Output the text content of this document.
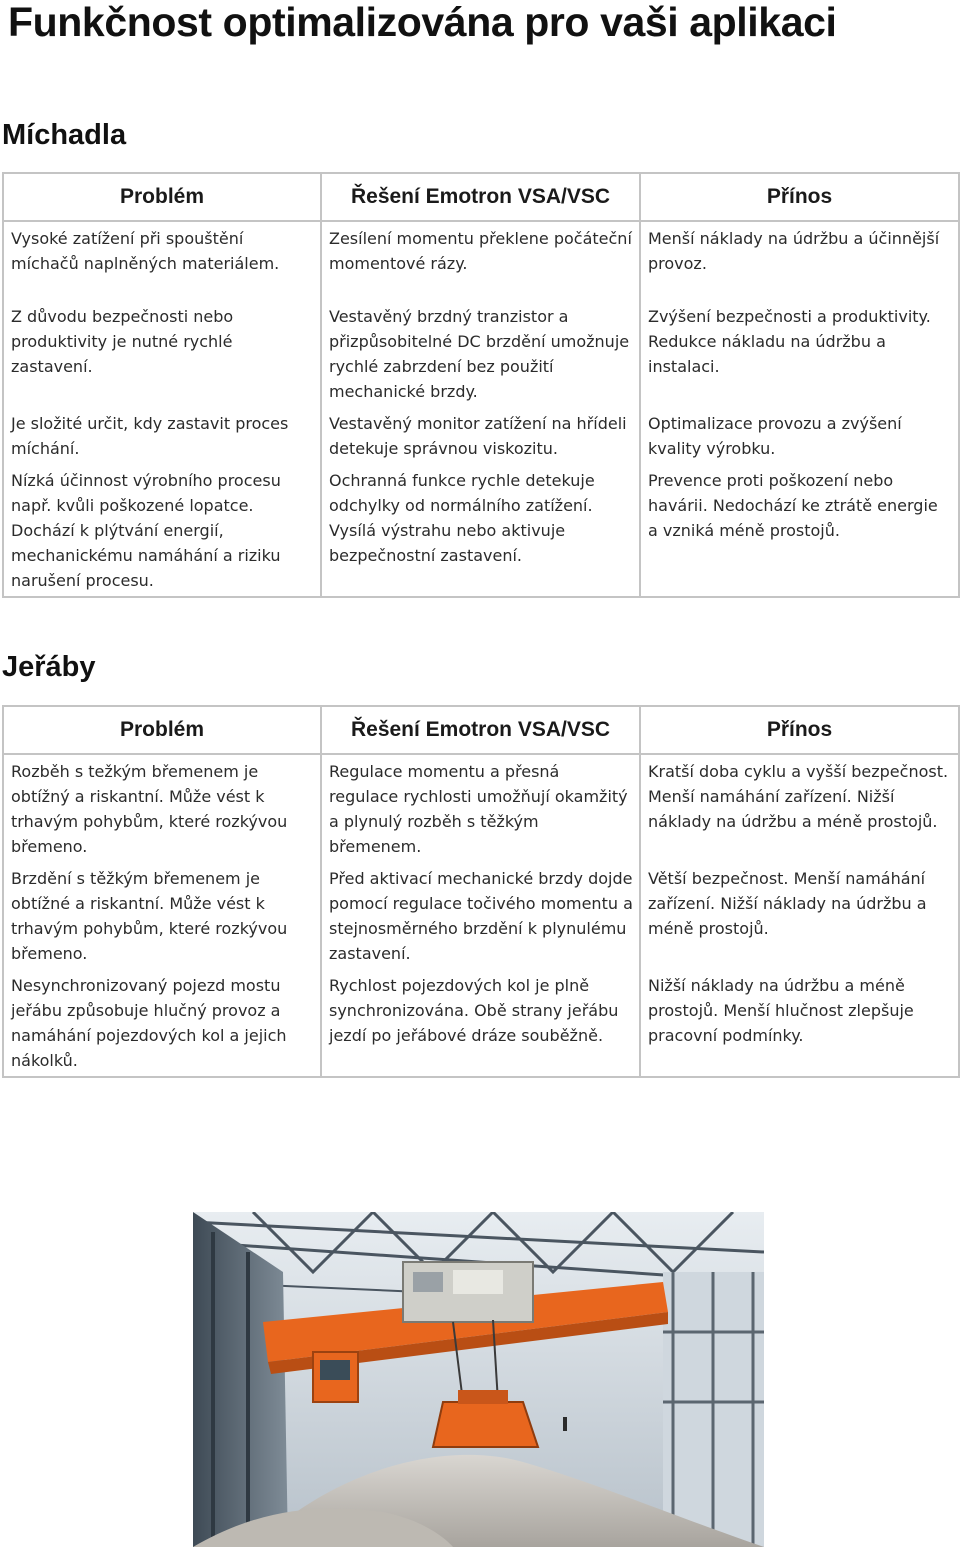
Funkčnost optimalizována pro vaši aplikaci
Míchadla
Problém	Řešení Emotron VSA/VSC	Přínos
Vysoké zatížení při spouštění míchačů naplněných materiálem.	Zesílení momentu překlene počáteční momentové rázy.	Menší náklady na údržbu a účinnější provoz.
Z důvodu bezpečnosti nebo produktivity je nutné rychlé zastavení.	Vestavěný brzdný tranzistor a přizpůsobitelné DC brzdění umožnuje rychlé zabrzdení bez použití mechanické brzdy.	Zvýšení bezpečnosti a produktivity. Redukce nákladu na údržbu a instalaci.
Je složité určit, kdy zastavit proces míchání.	Vestavěný monitor zatížení na hřídeli detekuje správnou viskozitu.	Optimalizace provozu a zvýšení kvality výrobku.
Nízká účinnost výrobního procesu např. kvůli poškozené lopatce. Dochází k plýtvání energií, mechanickému namáhání a riziku narušení procesu.	Ochranná funkce rychle detekuje odchylky od normálního zatížení. Vysílá výstrahu nebo aktivuje bezpečnostní zastavení.	Prevence proti poškození nebo havárii. Nedochází ke ztrátě energie a vzniká méně prostojů.
Jeřáby
Problém	Řešení Emotron VSA/VSC	Přínos
Rozběh s težkým břemenem je obtížný a riskantní. Může vést k trhavým pohybům, které rozkývou břemeno.	Regulace momentu a přesná regulace rychlosti umožňují okamžitý a plynulý rozběh s těžkým břemenem.	Kratší doba cyklu a vyšší bezpečnost. Menší namáhání zařízení. Nižší náklady na údržbu a méně prostojů.
Brzdění s těžkým břemenem je obtížné a riskantní. Může vést k trhavým pohybům, které rozkývou břemeno.	Před aktivací mechanické brzdy dojde pomocí regulace točivého momentu a stejnosměrného brzdění k plynulému zastavení.	Větší bezpečnost. Menší namáhání zařízení. Nižší náklady na údržbu a méně prostojů.
Nesynchronizovaný pojezd mostu jeřábu způsobuje hlučný provoz a namáhání pojezdových kol a jejich nákolků.	Rychlost pojezdových kol je plně synchronizována. Obě strany jeřábu jezdí po jeřábové dráze souběžně.	Nižší náklady na údržbu a méně prostojů. Menší hlučnost zlepšuje pracovní podmínky.
